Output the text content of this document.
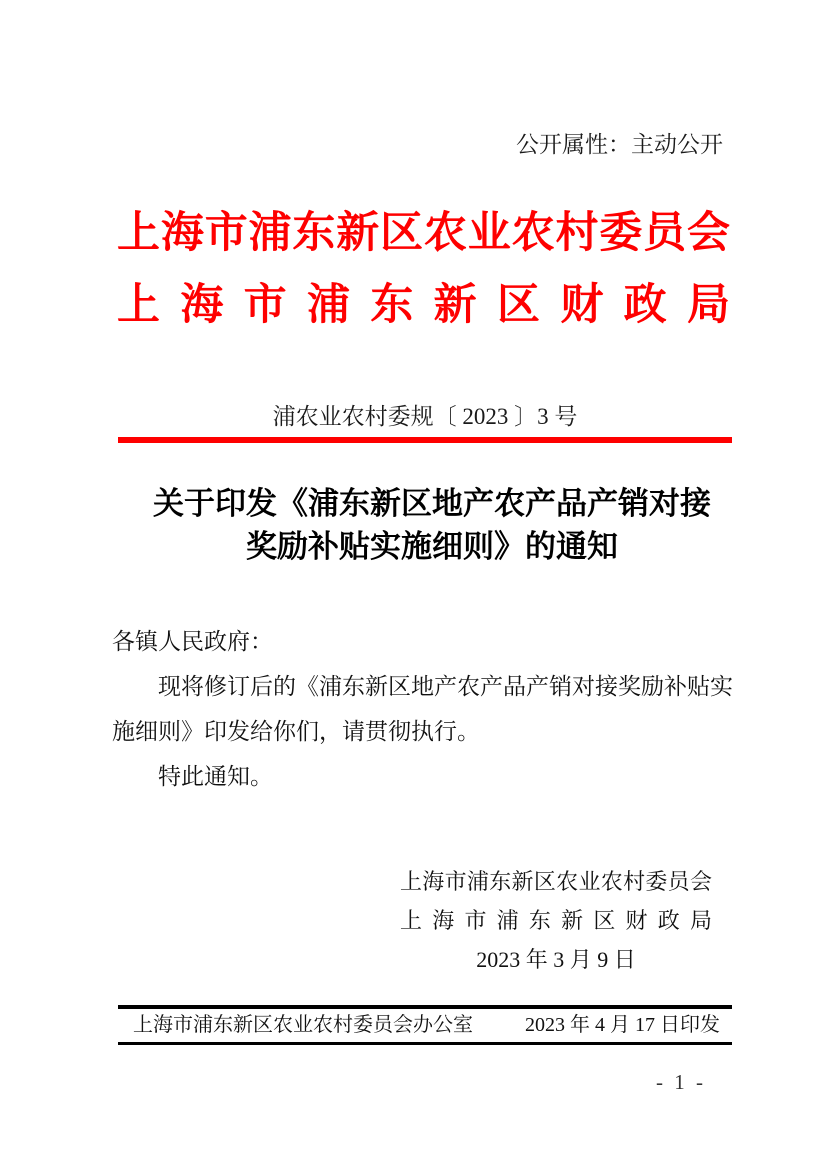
公开属性：主动公开
上海市浦东新区农业农村委员会
上海市浦东新区财政局
浦农业农村委规〔 2023 〕3 号
关于印发《浦东新区地产农产品产销对接
奖励补贴实施细则》的通知
各镇人民政府：

现将修订后的《浦东新区地产农产品产销对接奖励补贴实施细则》印发给你们，请贯彻执行。

特此通知。

上海市浦东新区农业农村委员会
上海市浦东新区财政局
2023 年 3 月 9 日
上海市浦东新区农业农村委员会办公室	2023 年 4 月 17 日印发
- 1 -
